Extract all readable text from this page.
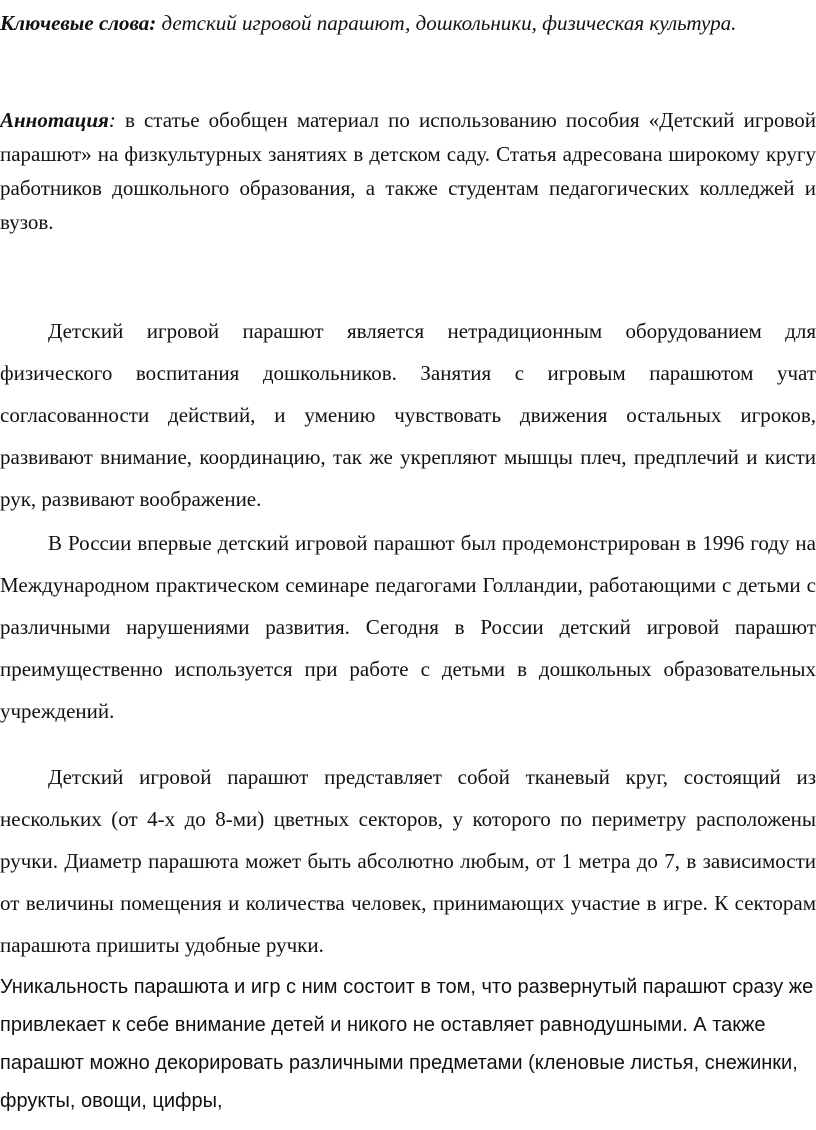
Ключевые слова: детский игровой парашют, дошкольники, физическая культура.

Аннотация: в статье обобщен материал по использованию пособия «Детский игровой парашют» на физкультурных занятиях в детском саду. Статья адресована широкому кругу работников дошкольного образования, а также студентам педагогических колледжей и вузов.

Детский игровой парашют является нетрадиционным оборудованием для физического воспитания дошкольников. Занятия с игровым парашютом учат согласованности действий, и умению чувствовать движения остальных игроков, развивают внимание, координацию, так же укрепляют мышцы плеч, предплечий и кисти рук, развивают воображение.

В России впервые детский игровой парашют был продемонстрирован в 1996 году на Международном практическом семинаре педагогами Голландии, работающими с детьми с различными нарушениями развития. Сегодня в России детский игровой парашют преимущественно используется при работе с детьми в дошкольных образовательных учреждений.

Детский игровой парашют представляет собой тканевый круг, состоящий из нескольких (от 4-х до 8-ми) цветных секторов, у которого по периметру расположены ручки. Диаметр парашюта может быть абсолютно любым, от 1 метра до 7, в зависимости от величины помещения и количества человек, принимающих участие в игре. К секторам парашюта пришиты удобные ручки.

Уникальность парашюта и игр с ним состоит в том, что развернутый парашют сразу же привлекает к себе внимание детей и никого не оставляет равнодушными. А также парашют можно декорировать различными предметами (кленовые листья, снежинки, фрукты, овощи, цифры,
